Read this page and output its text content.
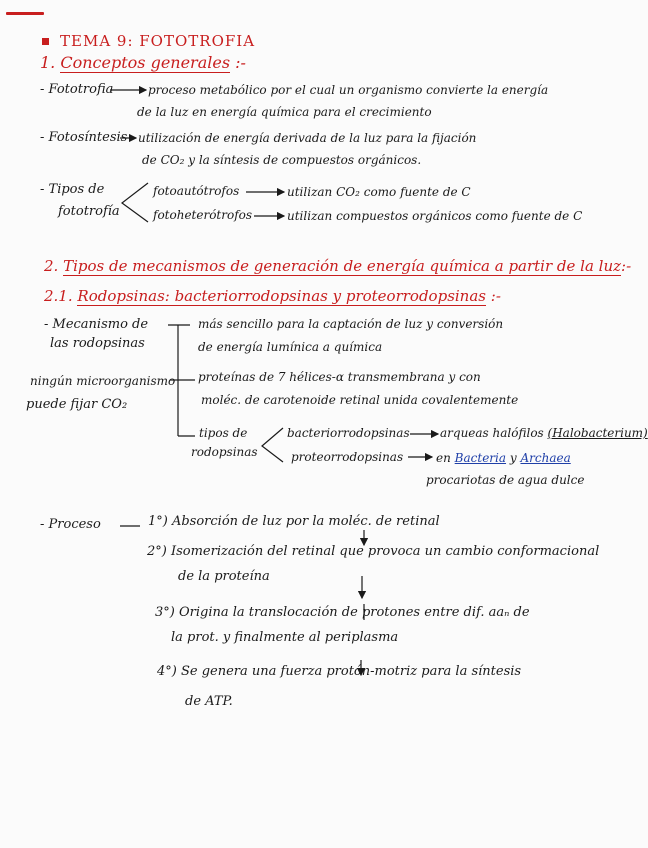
TEMA 9: FOTOTROFIA
1. Conceptos generales :-
- Fototrofia	proceso metabólico por el cual un organismo convierte la energía
de la luz en energía química para el crecimiento
- Fotosíntesis utilización de energía derivada de la luz para la fijación
de CO₂ y la síntesis de compuestos orgánicos.
- Tipos de
fototrofía
fotoautótrofos	utilizan CO₂ como fuente de C
fotoheterótrofos	utilizan compuestos orgánicos como fuente de C
2. Tipos de mecanismos de generación de energía química a partir de la luz:-
2.1. Rodopsinas: bacteriorrodopsinas y proteorrodopsinas :-
- Mecanismo de
las rodopsinas
más sencillo para la captación de luz y conversión
de energía lumínica a química
ningún microorganismo
puede fijar CO₂
proteínas de 7 hélices-α transmembrana y con
moléc. de carotenoide retinal unida covalentemente
tipos de
rodopsinas
bacteriorrodopsinas	arqueas halófilos (Halobacterium)
proteorrodopsinas	en Bacteria y Archaea
procariotas de agua dulce
- Proceso	1°) Absorción de luz por la moléc. de retinal
2°) Isomerización del retinal que provoca un cambio conformacional
de la proteína
3°) Origina la translocación de protones entre dif. aaₙ de
la prot. y finalmente al periplasma
4°) Se genera una fuerza protón-motriz para la síntesis
de ATP.
